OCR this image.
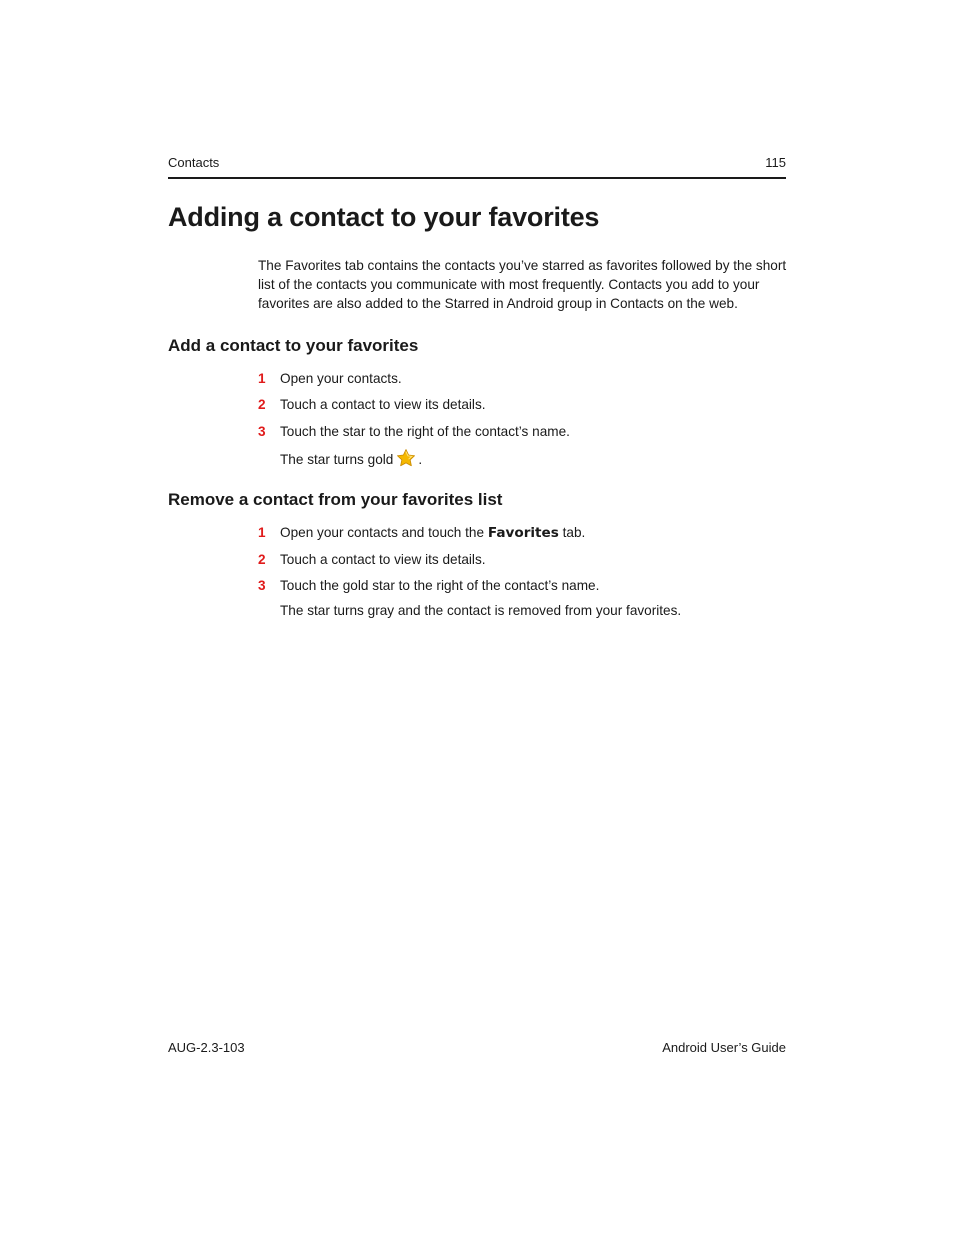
Contacts	115
Adding a contact to your favorites

The Favorites tab contains the contacts you’ve starred as favorites followed by the short list of the contacts you communicate with most frequently. Contacts you add to your favorites are also added to the Starred in Android group in Contacts on the web.

Add a contact to your favorites
1 Open your contacts.
2 Touch a contact to view its details.
3 Touch the star to the right of the contact’s name.
The star turns gold .
Remove a contact from your favorites list
1 Open your contacts and touch the Favorites tab.
2 Touch a contact to view its details.
3 Touch the gold star to the right of the contact’s name.
The star turns gray and the contact is removed from your favorites.
AUG-2.3-103	Android User’s Guide
